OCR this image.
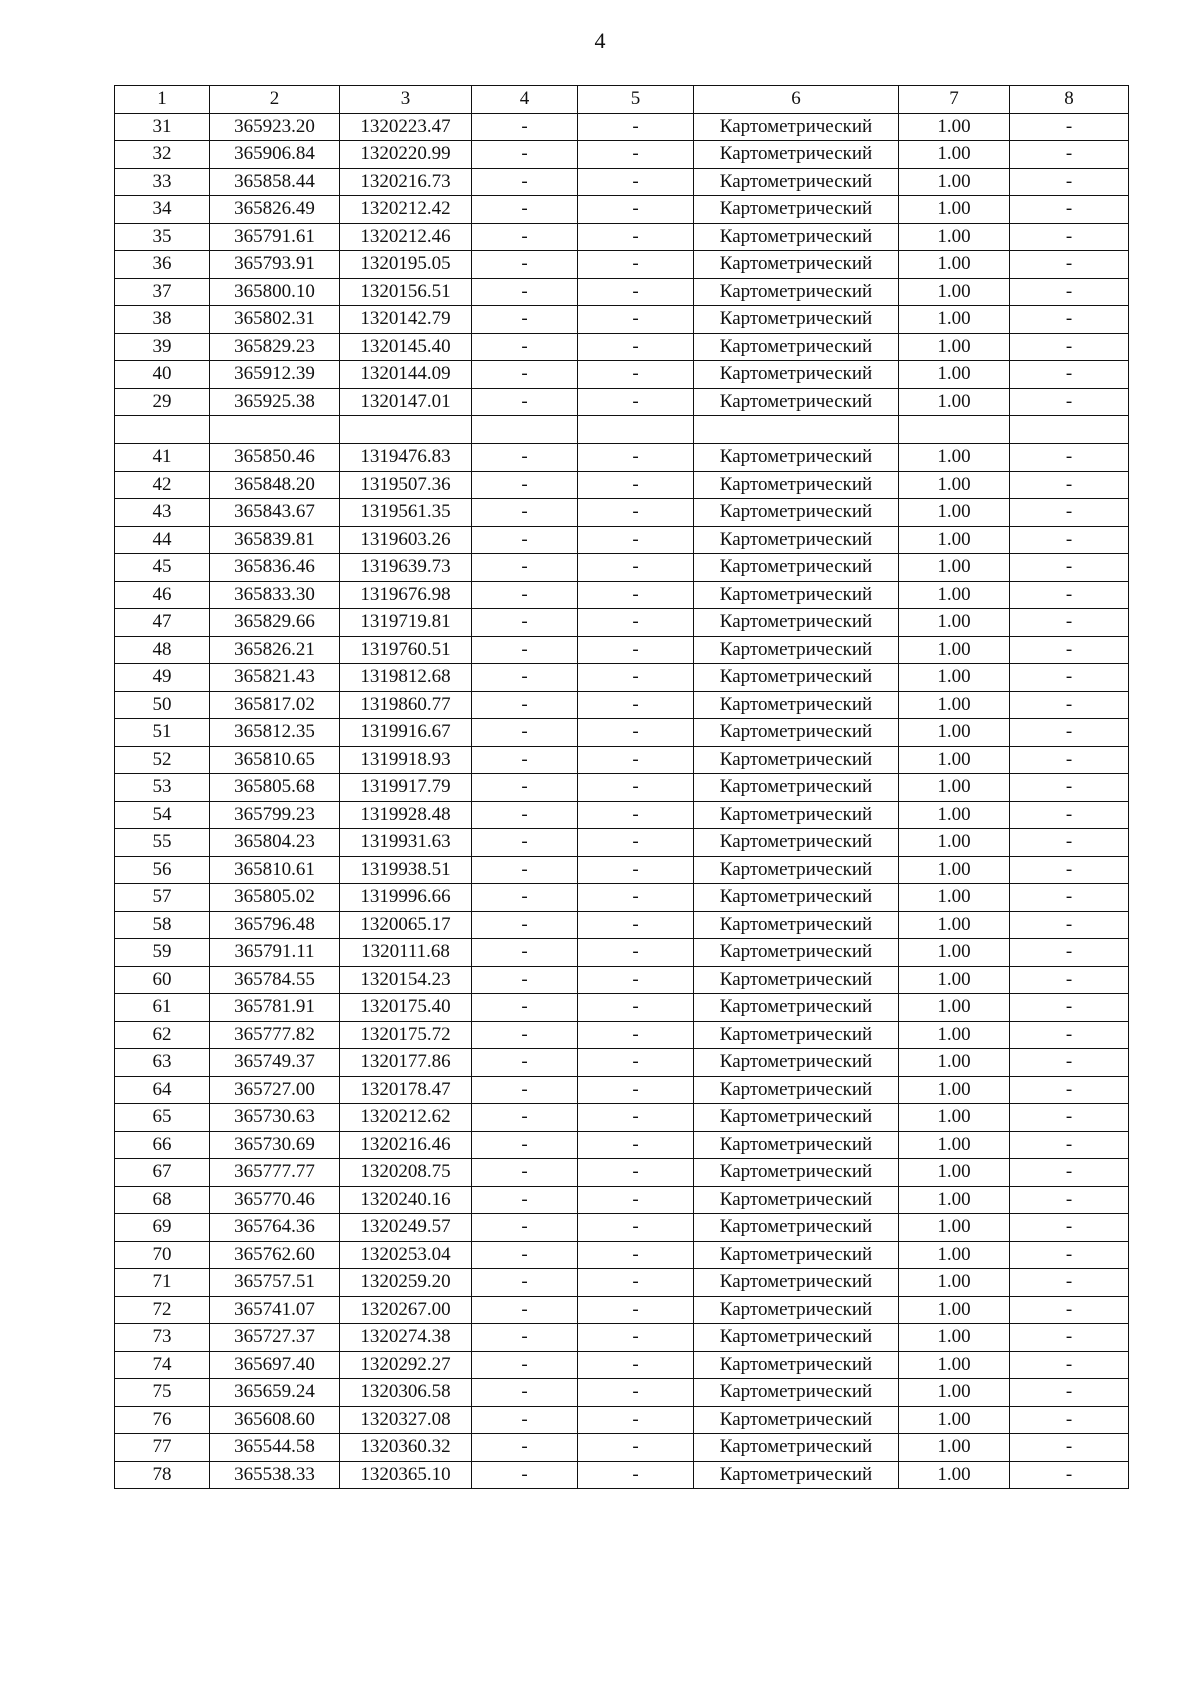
4
1	2	3	4	5	6	7	8
31	365923.20	1320223.47	-	-	Картометрический	1.00	-
32	365906.84	1320220.99	-	-	Картометрический	1.00	-
33	365858.44	1320216.73	-	-	Картометрический	1.00	-
34	365826.49	1320212.42	-	-	Картометрический	1.00	-
35	365791.61	1320212.46	-	-	Картометрический	1.00	-
36	365793.91	1320195.05	-	-	Картометрический	1.00	-
37	365800.10	1320156.51	-	-	Картометрический	1.00	-
38	365802.31	1320142.79	-	-	Картометрический	1.00	-
39	365829.23	1320145.40	-	-	Картометрический	1.00	-
40	365912.39	1320144.09	-	-	Картометрический	1.00	-
29	365925.38	1320147.01	-	-	Картометрический	1.00	-

41	365850.46	1319476.83	-	-	Картометрический	1.00	-
42	365848.20	1319507.36	-	-	Картометрический	1.00	-
43	365843.67	1319561.35	-	-	Картометрический	1.00	-
44	365839.81	1319603.26	-	-	Картометрический	1.00	-
45	365836.46	1319639.73	-	-	Картометрический	1.00	-
46	365833.30	1319676.98	-	-	Картометрический	1.00	-
47	365829.66	1319719.81	-	-	Картометрический	1.00	-
48	365826.21	1319760.51	-	-	Картометрический	1.00	-
49	365821.43	1319812.68	-	-	Картометрический	1.00	-
50	365817.02	1319860.77	-	-	Картометрический	1.00	-
51	365812.35	1319916.67	-	-	Картометрический	1.00	-
52	365810.65	1319918.93	-	-	Картометрический	1.00	-
53	365805.68	1319917.79	-	-	Картометрический	1.00	-
54	365799.23	1319928.48	-	-	Картометрический	1.00	-
55	365804.23	1319931.63	-	-	Картометрический	1.00	-
56	365810.61	1319938.51	-	-	Картометрический	1.00	-
57	365805.02	1319996.66	-	-	Картометрический	1.00	-
58	365796.48	1320065.17	-	-	Картометрический	1.00	-
59	365791.11	1320111.68	-	-	Картометрический	1.00	-
60	365784.55	1320154.23	-	-	Картометрический	1.00	-
61	365781.91	1320175.40	-	-	Картометрический	1.00	-
62	365777.82	1320175.72	-	-	Картометрический	1.00	-
63	365749.37	1320177.86	-	-	Картометрический	1.00	-
64	365727.00	1320178.47	-	-	Картометрический	1.00	-
65	365730.63	1320212.62	-	-	Картометрический	1.00	-
66	365730.69	1320216.46	-	-	Картометрический	1.00	-
67	365777.77	1320208.75	-	-	Картометрический	1.00	-
68	365770.46	1320240.16	-	-	Картометрический	1.00	-
69	365764.36	1320249.57	-	-	Картометрический	1.00	-
70	365762.60	1320253.04	-	-	Картометрический	1.00	-
71	365757.51	1320259.20	-	-	Картометрический	1.00	-
72	365741.07	1320267.00	-	-	Картометрический	1.00	-
73	365727.37	1320274.38	-	-	Картометрический	1.00	-
74	365697.40	1320292.27	-	-	Картометрический	1.00	-
75	365659.24	1320306.58	-	-	Картометрический	1.00	-
76	365608.60	1320327.08	-	-	Картометрический	1.00	-
77	365544.58	1320360.32	-	-	Картометрический	1.00	-
78	365538.33	1320365.10	-	-	Картометрический	1.00	-
